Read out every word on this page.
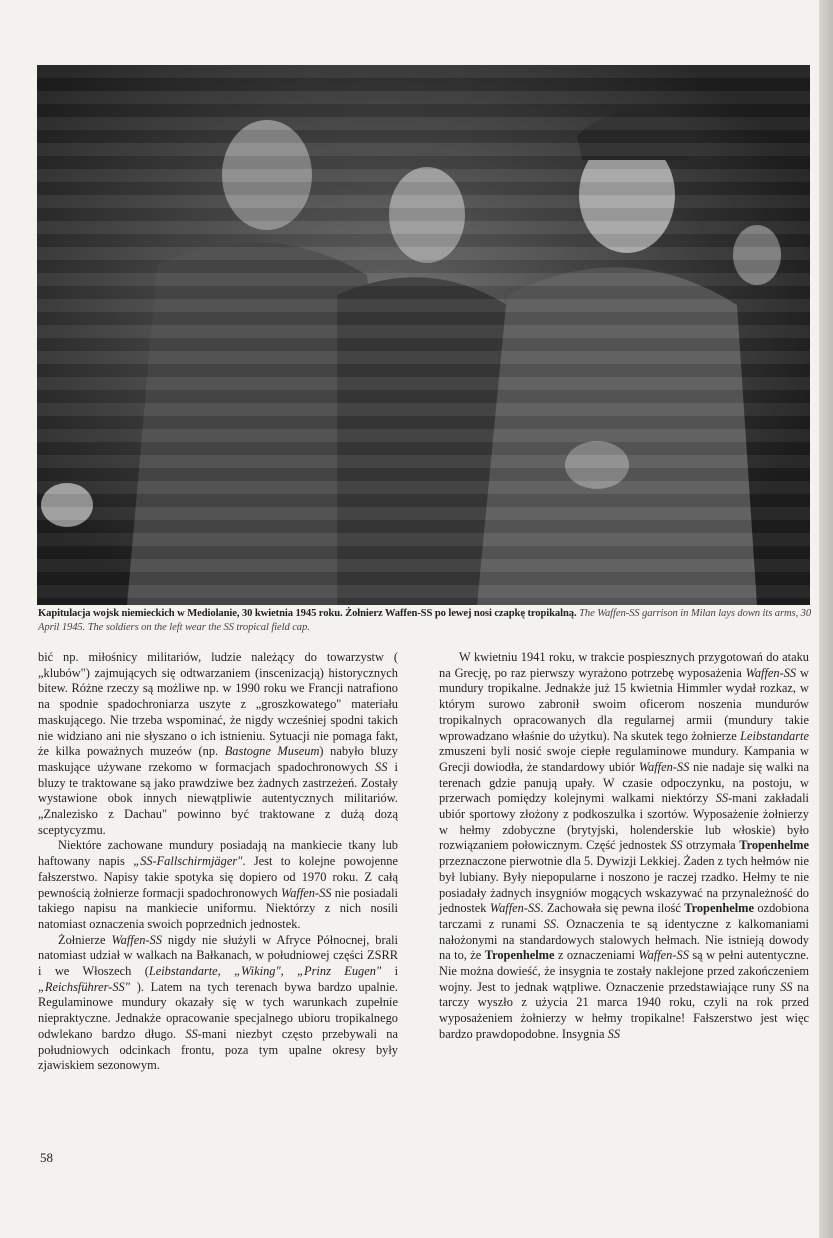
Kapitulacja wojsk niemieckich w Mediolanie, 30 kwietnia 1945 roku. Żołnierz Waffen-SS po lewej nosi czapkę tropikalną. The Waffen-SS garrison in Milan lays down its arms, 30 April 1945. The soldiers on the left wear the SS tropical field cap.

bić np. miłośnicy militariów, ludzie należący do towarzystw ( „klubów") zajmujących się odtwarzaniem (inscenizacją) historycznych bitew. Różne rzeczy są możliwe np. w 1990 roku we Francji natrafiono na spodnie spadochroniarza uszyte z „groszkowatego" materiału maskującego. Nie trzeba wspominać, że nigdy wcześniej spodni takich nie widziano ani nie słyszano o ich istnieniu. Sytuacji nie pomaga fakt, że kilka poważnych muzeów (np. Bastogne Museum) nabyło bluzy maskujące używane rzekomo w formacjach spadochronowych SS i bluzy te traktowane są jako prawdziwe bez żadnych zastrzeżeń. Zostały wystawione obok innych niewątpliwie autentycznych militariów. „Znalezisko z Dachau" powinno być traktowane z dużą dozą sceptycyzmu.

Niektóre zachowane mundury posiadają na mankiecie tkany lub haftowany napis „SS-Fallschirmjäger". Jest to kolejne powojenne fałszerstwo. Napisy takie spotyka się dopiero od 1970 roku. Z całą pewnością żołnierze formacji spadochronowych Waffen-SS nie posiadali takiego napisu na mankiecie uniformu. Niektórzy z nich nosili natomiast oznaczenia swoich poprzednich jednostek.

Żołnierze Waffen-SS nigdy nie służyli w Afryce Północnej, brali natomiast udział w walkach na Bałkanach, w południowej części ZSRR i we Włoszech (Leibstandarte, „Wiking", „Prinz Eugen" i „Reichsführer-SS" ). Latem na tych terenach bywa bardzo upalnie. Regulaminowe mundury okazały się w tych warunkach zupełnie niepraktyczne. Jednakże opracowanie specjalnego ubioru tropikalnego odwlekano bardzo długo. SS-mani niezbyt często przebywali na południowych odcinkach frontu, poza tym upalne okresy były zjawiskiem sezonowym.

W kwietniu 1941 roku, w trakcie pospiesznych przygotowań do ataku na Grecję, po raz pierwszy wyrażono potrzebę wyposażenia Waffen-SS w mundury tropikalne. Jednakże już 15 kwietnia Himmler wydał rozkaz, w którym surowo zabronił swoim oficerom noszenia mundurów tropikalnych opracowanych dla regularnej armii (mundury takie wprowadzano właśnie do użytku). Na skutek tego żołnierze Leibstandarte zmuszeni byli nosić swoje ciepłe regulaminowe mundury. Kampania w Grecji dowiodła, że standardowy ubiór Waffen-SS nie nadaje się walki na terenach gdzie panują upały. W czasie odpoczynku, na postoju, w przerwach pomiędzy kolejnymi walkami niektórzy SS-mani zakładali ubiór sportowy złożony z podkoszulka i szortów. Wyposażenie żołnierzy w hełmy zdobyczne (brytyjski, holenderskie lub włoskie) było rozwiązaniem połowicznym. Część jednostek SS otrzymała Tropenhelme przeznaczone pierwotnie dla 5. Dywizji Lekkiej. Żaden z tych hełmów nie był lubiany. Były niepopularne i noszono je raczej rzadko. Hełmy te nie posiadały żadnych insygniów mogących wskazywać na przynależność do jednostek Waffen-SS. Zachowała się pewna ilość Tropenhelme ozdobiona tarczami z runami SS. Oznaczenia te są identyczne z kalkomaniami nałożonymi na standardowych stalowych hełmach. Nie istnieją dowody na to, że Tropenhelme z oznaczeniami Waffen-SS są w pełni autentyczne. Nie można dowieść, że insygnia te zostały naklejone przed zakończeniem wojny. Jest to jednak wątpliwe. Oznaczenie przedstawiające runy SS na tarczy wyszło z użycia 21 marca 1940 roku, czyli na rok przed wyposażeniem żołnierzy w hełmy tropikalne! Fałszerstwo jest więc bardzo prawdopodobne. Insygnia SS

58
